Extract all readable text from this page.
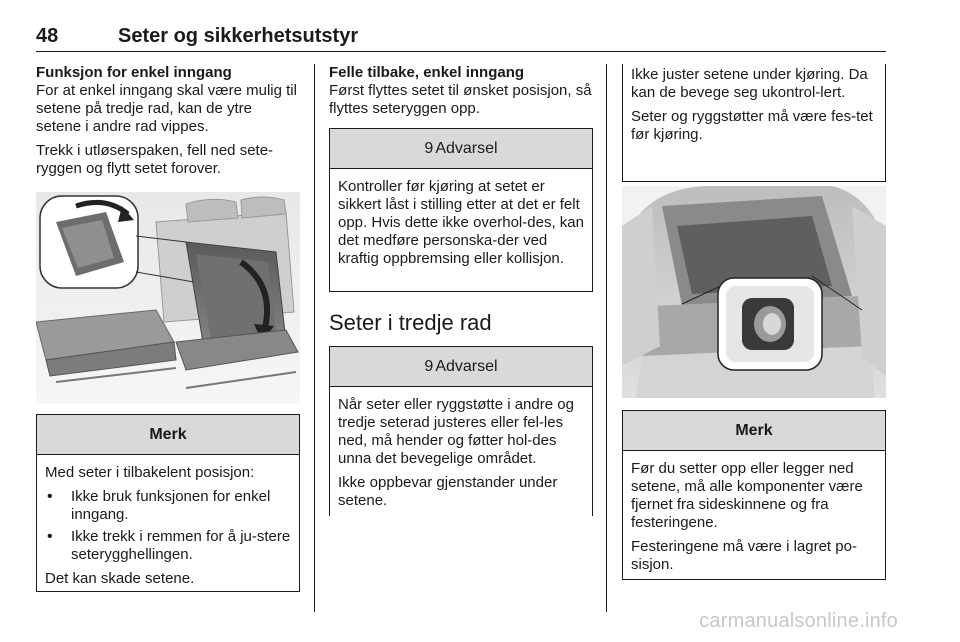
48	Seter og sikkerhetsutstyr
Funksjon for enkel inngang

For at enkel inngang skal være mulig til setene på tredje rad, kan de ytre setene i andre rad vippes.

Trekk i utløserspaken, fell ned sete-ryggen og flytt setet forover.

Merk

Med seter i tilbakelent posisjon:

• Ikke bruk funksjonen for enkel inngang.
• Ikke trekk i remmen for å ju-stere seterygghellingen.

Det kan skade setene.

Felle tilbake, enkel inngang

Først flyttes setet til ønsket posisjon, så flyttes seteryggen opp.

9 Advarsel

Kontroller før kjøring at setet er sikkert låst i stilling etter at det er felt opp. Hvis dette ikke overhol-des, kan det medføre personska-der ved kraftig oppbremsing eller kollisjon.

Seter i tredje rad
9 Advarsel

Når seter eller ryggstøtte i andre og tredje seterad justeres eller fel-les ned, må hender og føtter hol-des unna det bevegelige området.

Ikke oppbevar gjenstander under setene.

Ikke juster setene under kjøring. Da kan de bevege seg ukontrol-lert.

Seter og ryggstøtter må være fes-tet før kjøring.

Merk

Før du setter opp eller legger ned setene, må alle komponenter være fjernet fra sideskinnene og fra festeringene.

Festeringene må være i lagret po-sisjon.

carmanualsonline.info
